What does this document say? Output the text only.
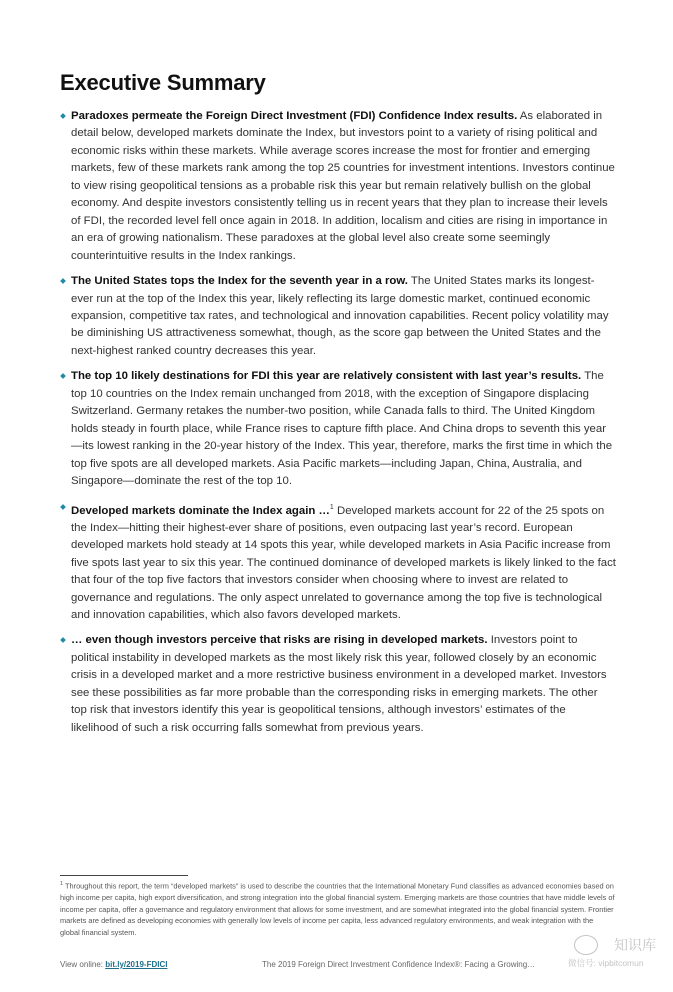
Executive Summary
Paradoxes permeate the Foreign Direct Investment (FDI) Confidence Index results. As elaborated in detail below, developed markets dominate the Index, but investors point to a variety of rising political and economic risks within these markets. While average scores increase the most for frontier and emerging markets, few of these markets rank among the top 25 countries for investment intentions. Investors continue to view rising geopolitical tensions as a probable risk this year but remain relatively bullish on the global economy. And despite investors consistently telling us in recent years that they plan to increase their levels of FDI, the recorded level fell once again in 2018. In addition, localism and cities are rising in importance in an era of growing nationalism. These paradoxes at the global level also create some seemingly counterintuitive results in the Index rankings.
The United States tops the Index for the seventh year in a row. The United States marks its longest-ever run at the top of the Index this year, likely reflecting its large domestic market, continued economic expansion, competitive tax rates, and technological and innovation capabilities. Recent policy volatility may be diminishing US attractiveness somewhat, though, as the score gap between the United States and the next-highest ranked country decreases this year.
The top 10 likely destinations for FDI this year are relatively consistent with last year’s results. The top 10 countries on the Index remain unchanged from 2018, with the exception of Singapore displacing Switzerland. Germany retakes the number-two position, while Canada falls to third. The United Kingdom holds steady in fourth place, while France rises to capture fifth place. And China drops to seventh this year—its lowest ranking in the 20-year history of the Index. This year, therefore, marks the first time in which the top five spots are all developed markets. Asia Pacific markets—including Japan, China, Australia, and Singapore—dominate the rest of the top 10.
Developed markets dominate the Index again …$^1$ Developed markets account for 22 of the 25 spots on the Index—hitting their highest-ever share of positions, even outpacing last year’s record. European developed markets hold steady at 14 spots this year, while developed markets in Asia Pacific increase from five spots last year to six this year. The continued dominance of developed markets is likely linked to the fact that four of the top five factors that investors consider when choosing where to invest are related to governance and regulations. The only aspect unrelated to governance among the top five is technological and innovation capabilities, which also favors developed markets.
… even though investors perceive that risks are rising in developed markets. Investors point to political instability in developed markets as the most likely risk this year, followed closely by an economic crisis in a developed market and a more restrictive business environment in a developed market. Investors see these possibilities as far more probable than the corresponding risks in emerging markets. The other top risk that investors identify this year is geopolitical tensions, although investors’ estimates of the likelihood of such a risk occurring falls somewhat from previous years.
$^1$ Throughout this report, the term “developed markets” is used to describe the countries that the International Monetary Fund classifies as advanced economies based on high income per capita, high export diversification, and strong integration into the global financial system. Emerging markets are those countries that have middle levels of income per capita, offer a governance and regulatory environment that allows for some investment, and are somewhat integrated into the global financial system. Frontier markets are defined as developing economies with generally low levels of income per capita, less advanced regulatory environments, and weak integration with the global financial system.
View online: bit.ly/2019-FDICI	The 2019 Foreign Direct Investment Confidence Index®: Facing a Growing…
知识库
微信号: vipbitcomun
